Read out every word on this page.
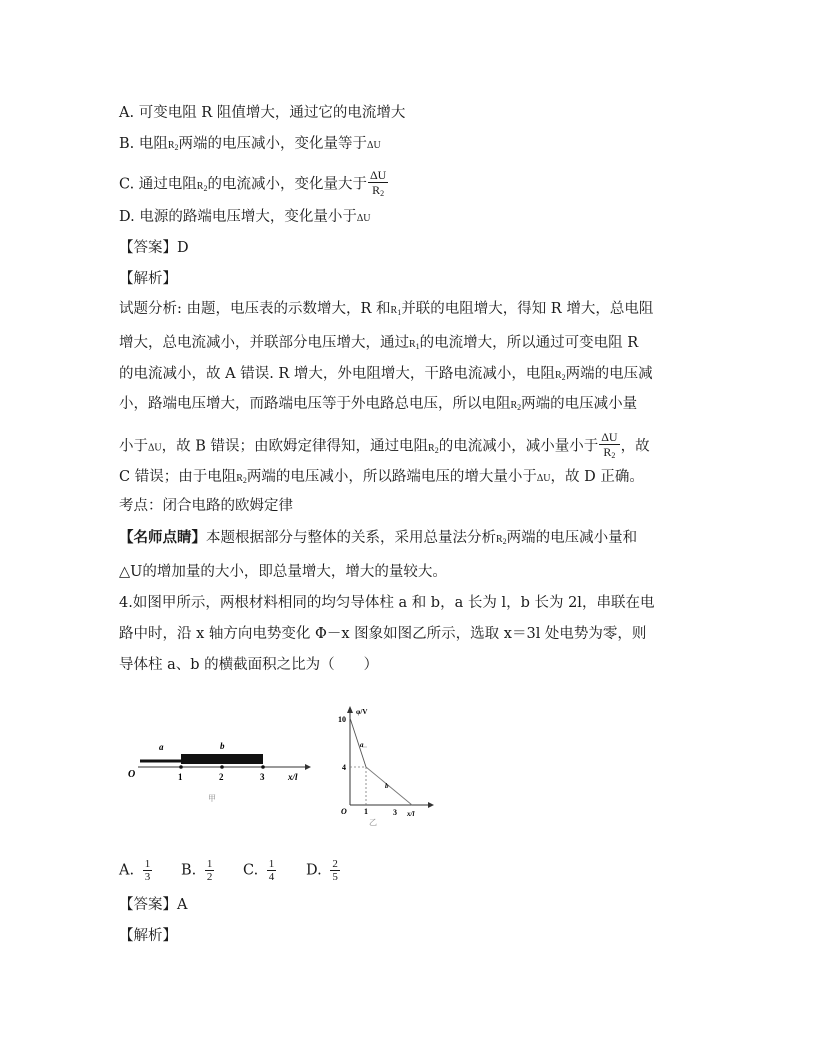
A. 可变电阻 R 阻值增大，通过它的电流增大
B. 电阻$R_2$两端的电压减小，变化量等于ΔU
C. 通过电阻$R_2$的电流减小，变化量大于 $\frac{\Delta U}{R_2}$
D. 电源的路端电压增大，变化量小于ΔU
【答案】D
【解析】
试题分析: 由题，电压表的示数增大，R 和$R_1$并联的电阻增大，得知 R 增大，总电阻
增大，总电流减小，并联部分电压增大，通过$R_1$的电流增大，所以通过可变电阻 R
的电流减小，故 A 错误. R 增大，外电阻增大，干路电流减小，电阻$R_2$两端的电压减
小，路端电压增大，而路端电压等于外电路总电压，所以电阻$R_2$两端的电压减小量
小于ΔU，故 B 错误；由欧姆定律得知，通过电阻$R_2$的电流减小，减小量小于 $\frac{\Delta U}{R_2}$ ，故
C 错误；由于电阻$R_2$两端的电压减小，所以路端电压的增大量小于ΔU，故 D 正确。
考点：闭合电路的欧姆定律
【名师点睛】本题根据部分与整体的关系，采用总量法分析$R_2$两端的电压减小量和
△U的增加量的大小，即总量增大，增大的量较大。
4.如图甲所示，两根材料相同的均匀导体柱 a 和 b，a 长为 l，b 长为 2l，串联在电
路中时，沿 x 轴方向电势变化 Φ－x 图象如图乙所示，选取 x＝3l 处电势为零，则
导体柱 a、b 的横截面积之比为（　　）
O
a	b
1	2	3	x/l
甲
φ/V
10
4
O 1	3 x/l
a
b
乙
A. $\frac{1}{3} B$. $\frac{1}{2} C$. $\frac{1}{4} D$. $\frac{2}{5}$
【答案】A
【解析】
